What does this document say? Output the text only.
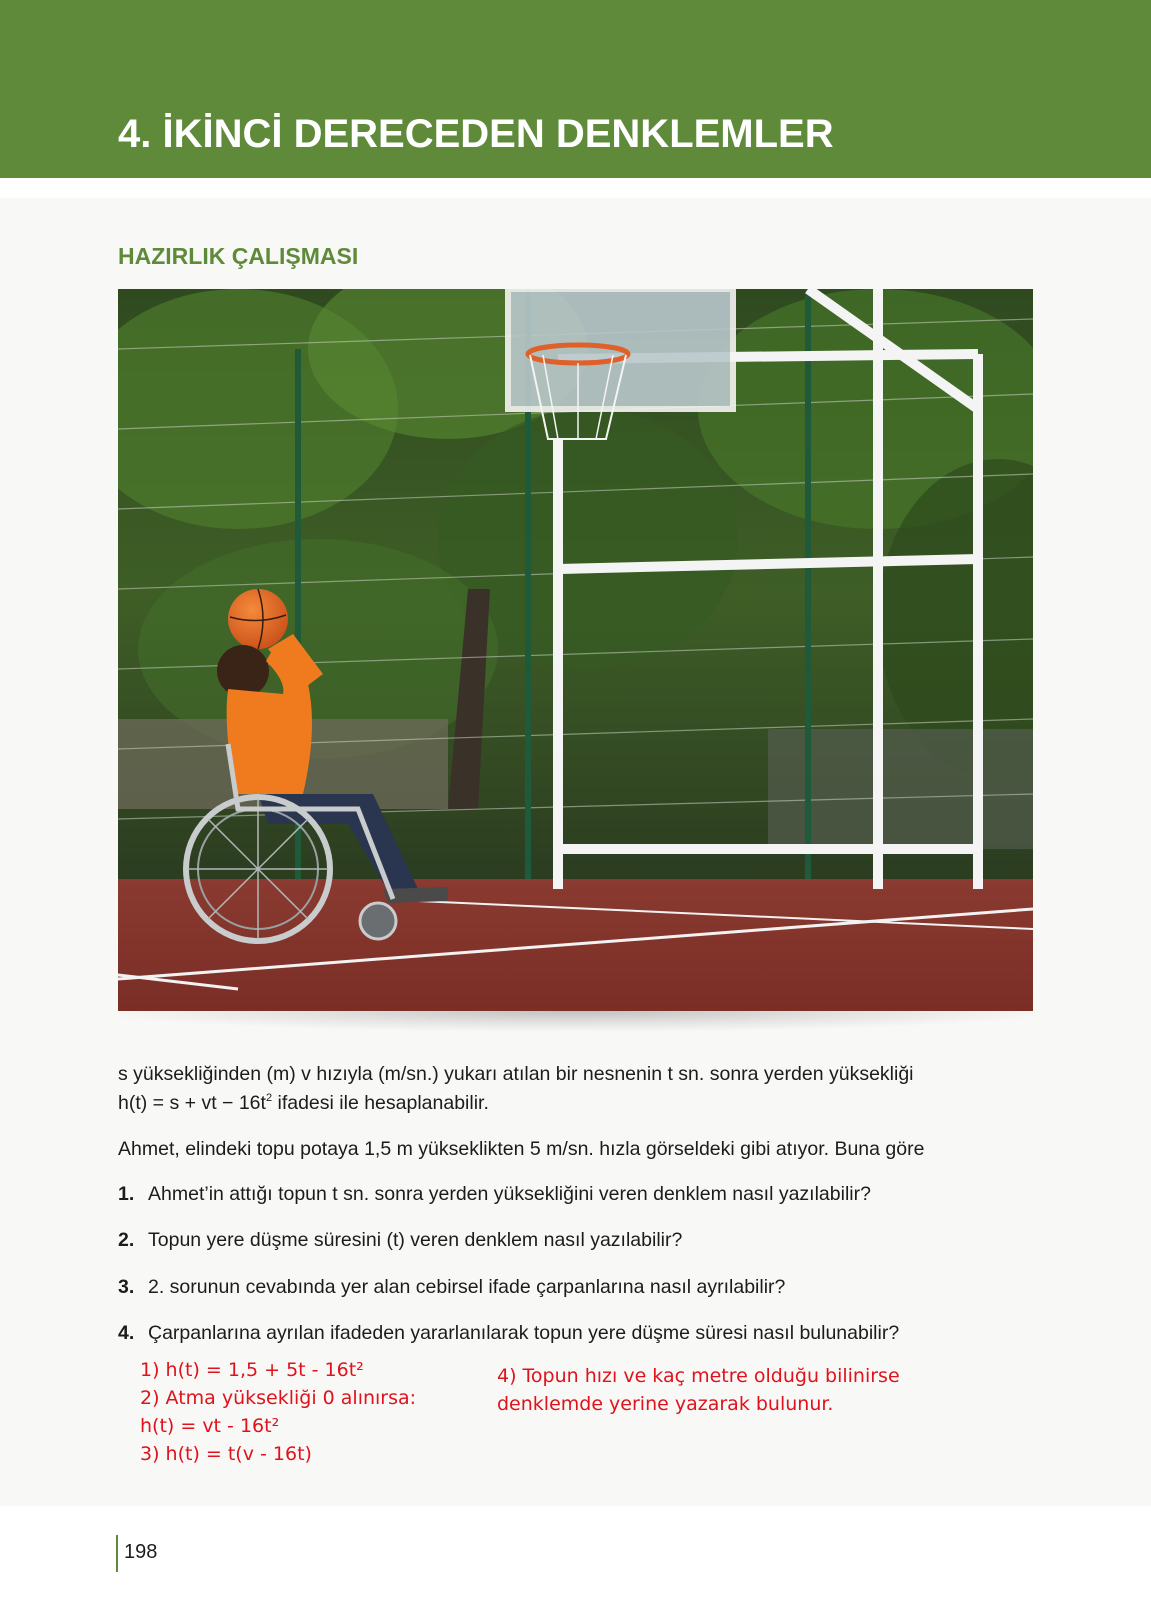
4. İKİNCİ DERECEDEN DENKLEMLER
HAZIRLIK ÇALIŞMASI

s yüksekliğinden (m) v hızıyla (m/sn.) yukarı atılan bir nesnenin t sn. sonra yerden yüksekliği

h(t) = s + vt − $16t^2$ ifadesi ile hesaplanabilir.

Ahmet, elindeki topu potaya 1,5 m yükseklikten 5 m/sn. hızla görseldeki gibi atıyor. Buna göre

1. Ahmet’in attığı topun t sn. sonra yerden yüksekliğini veren denklem nasıl yazılabilir?

2. Topun yere düşme süresini (t) veren denklem nasıl yazılabilir?

3. 2. sorunun cevabında yer alan cebirsel ifade çarpanlarına nasıl ayrılabilir?

4. Çarpanlarına ayrılan ifadeden yararlanılarak topun yere düşme süresi nasıl bulunabilir?

1) h(t) = 1,5 + 5t - 16t²

2) Atma yüksekliği 0 alınırsa:

h(t) = vt - 16t²

3) h(t) = t(v - 16t)

4) Topun hızı ve kaç metre olduğu bilinirse

denklemde yerine yazarak bulunur.

198
